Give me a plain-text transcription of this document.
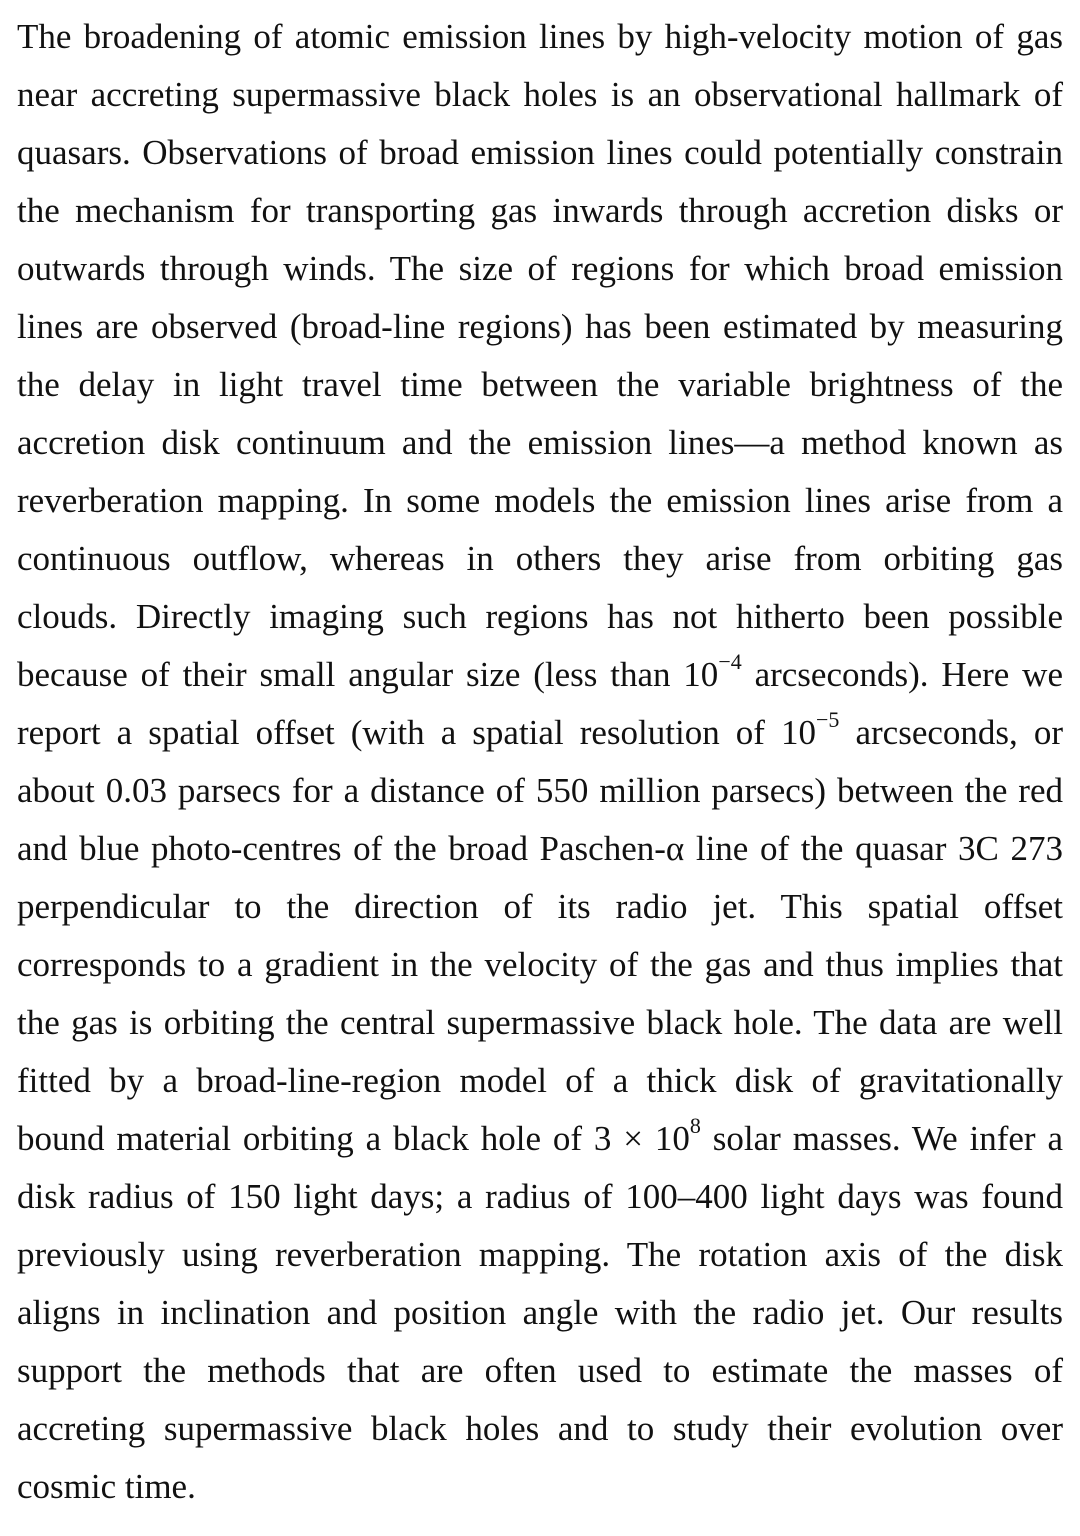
The broadening of atomic emission lines by high-velocity motion of gas
near accreting supermassive black holes is an observational hallmark of
quasars. Observations of broad emission lines could potentially constrain
the mechanism for transporting gas inwards through accretion disks or
outwards through winds. The size of regions for which broad emission
lines are observed (broad-line regions) has been estimated by measuring
the delay in light travel time between the variable brightness of the
accretion disk continuum and the emission lines—a method known as
reverberation mapping. In some models the emission lines arise from a
continuous outflow, whereas in others they arise from orbiting gas
clouds. Directly imaging such regions has not hitherto been possible
because of their small angular size (less than $10^{-4}$ arcseconds). Here we
report a spatial offset (with a spatial resolution of $10^{-5}$ arcseconds, or
about 0.03 parsecs for a distance of 550 million parsecs) between the red
and blue photo-centres of the broad Paschen-α line of the quasar 3C 273
perpendicular to the direction of its radio jet. This spatial offset
corresponds to a gradient in the velocity of the gas and thus implies that
the gas is orbiting the central supermassive black hole. The data are well
fitted by a broad-line-region model of a thick disk of gravitationally
bound material orbiting a black hole of $3 \times 10^8$ solar masses. We infer a
disk radius of 150 light days; a radius of 100–400 light days was found
previously using reverberation mapping. The rotation axis of the disk
aligns in inclination and position angle with the radio jet. Our results
support the methods that are often used to estimate the masses of
accreting supermassive black holes and to study their evolution over
cosmic time.
